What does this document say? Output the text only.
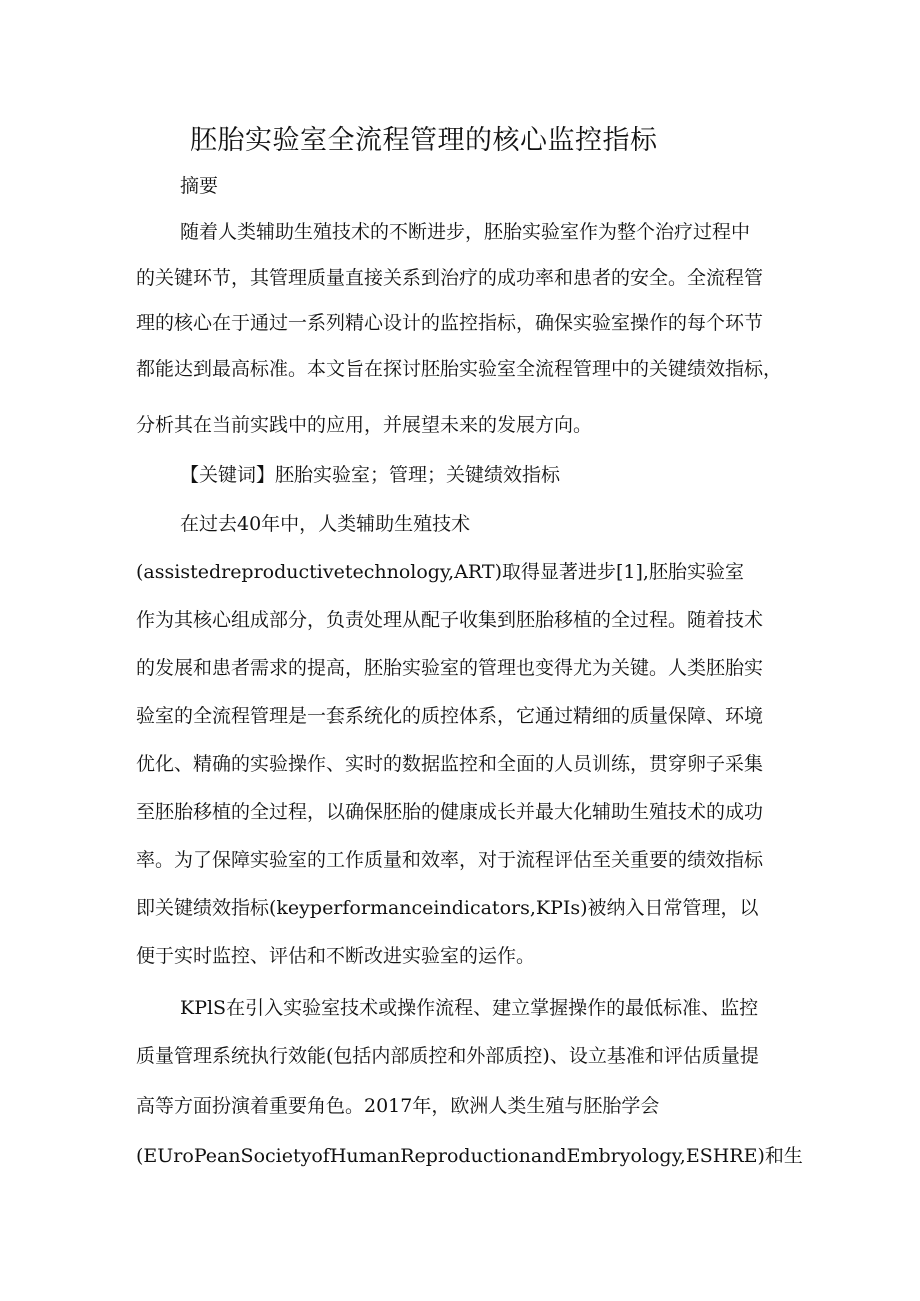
胚胎实验室全流程管理的核心监控指标

摘要

随着人类辅助生殖技术的不断进步，胚胎实验室作为整个治疗过程中

的关键环节，其管理质量直接关系到治疗的成功率和患者的安全。全流程管

理的核心在于通过一系列精心设计的监控指标，确保实验室操作的每个环节

都能达到最高标准。本文旨在探讨胚胎实验室全流程管理中的关键绩效指标，

分析其在当前实践中的应用，并展望未来的发展方向。

【关键词】胚胎实验室；管理；关键绩效指标

在过去40年中，人类辅助生殖技术

(assistedreproductivetechnology,ART)取得显著进步[1],胚胎实验室

作为其核心组成部分，负责处理从配子收集到胚胎移植的全过程。随着技术

的发展和患者需求的提高，胚胎实验室的管理也变得尤为关键。人类胚胎实

验室的全流程管理是一套系统化的质控体系，它通过精细的质量保障、环境

优化、精确的实验操作、实时的数据监控和全面的人员训练，贯穿卵子采集

至胚胎移植的全过程，以确保胚胎的健康成长并最大化辅助生殖技术的成功

率。为了保障实验室的工作质量和效率，对于流程评估至关重要的绩效指标

即关键绩效指标(keyperformanceindicators,KPIs)被纳入日常管理，以

便于实时监控、评估和不断改进实验室的运作。

KPlS在引入实验室技术或操作流程、建立掌握操作的最低标准、监控

质量管理系统执行效能(包括内部质控和外部质控)、设立基准和评估质量提

高等方面扮演着重要角色。2017年，欧洲人类生殖与胚胎学会

(EUroPeanSocietyofHumanReproductionandEmbryology,ESHRE)和生
